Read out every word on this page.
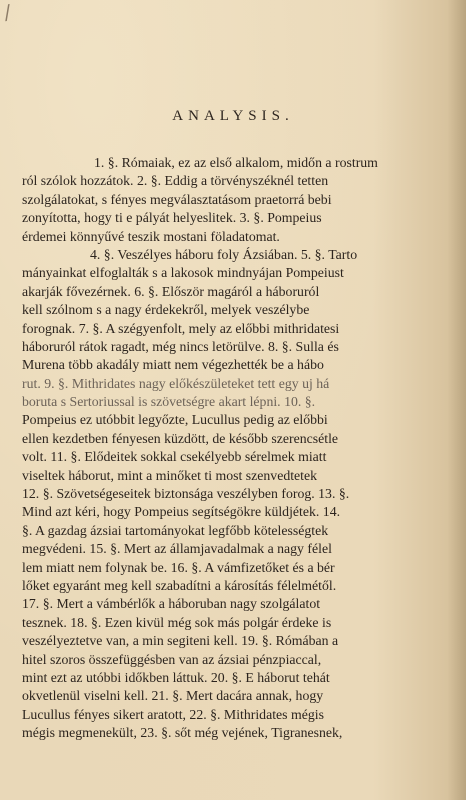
/
ANALYSIS.
1. §. Rómaiak, ez az első alkalom, midőn a rostrum
ról szólok hozzátok. 2. §. Eddig a törvényszéknél tetten
szolgálatokat, s fényes megválasztatásom praetorrá bebi
zonyította, hogy ti e pályát helyeslitek. 3. §. Pompeius
érdemei könnyűvé teszik mostani föladatomat.
4. §. Veszélyes háboru foly Ázsiában. 5. §. Tarto
mányainkat elfoglalták s a lakosok mindnyájan Pompeiust
akarják fővezérnek. 6. §. Először magáról a háboruról
kell szólnom s a nagy érdekekről, melyek veszélybe
forognak. 7. §. A szégyenfolt, mely az előbbi mithridatesi
háboruról rátok ragadt, még nincs letörülve. 8. §. Sulla és
Murena több akadály miatt nem végezhették be a hábo
rut. 9. §. Mithridates nagy előkészületeket tett egy uj há
boruta s Sertoriussal is szövetségre akart lépni. 10. §.
Pompeius ez utóbbit legyőzte, Lucullus pedig az előbbi
ellen kezdetben fényesen küzdött, de később szerencsétle
volt. 11. §. Elődeitek sokkal csekélyebb sérelmek miatt
viseltek háborut, mint a minőket ti most szenvedtetek
12. §. Szövetségeseitek biztonsága veszélyben forog. 13. §.
Mind azt kéri, hogy Pompeius segítségökre küldjétek. 14.
§. A gazdag ázsiai tartományokat legfőbb kötelességtek
megvédeni. 15. §. Mert az államjavadalmak a nagy félel
lem miatt nem folynak be. 16. §. A vámfizetőket és a bér
lőket egyaránt meg kell szabadítni a károsítás félelmétől.
17. §. Mert a vámbérlők a háboruban nagy szolgálatot
tesznek. 18. §. Ezen kivül még sok más polgár érdeke is
veszélyeztetve van, a min segiteni kell. 19. §. Rómában a
hitel szoros összefüggésben van az ázsiai pénzpiaccal,
mint ezt az utóbbi időkben láttuk. 20. §. E háborut tehát
okvetlenül viselni kell. 21. §. Mert dacára annak, hogy
Lucullus fényes sikert aratott, 22. §. Mithridates mégis
mégis megmenekült, 23. §. sőt még vejének, Tigranesnek,
